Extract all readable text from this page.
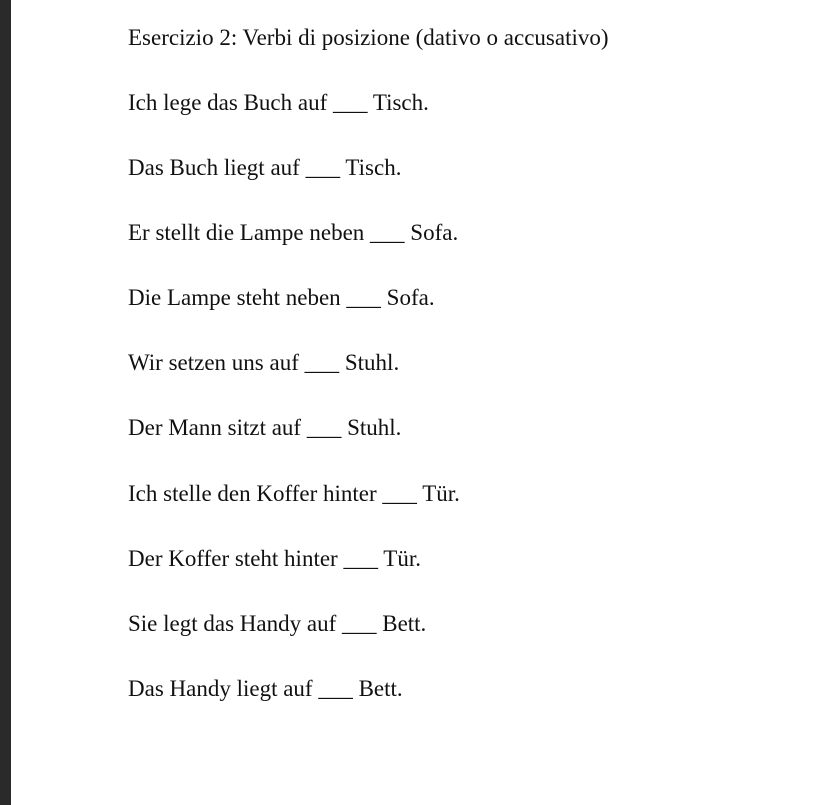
Esercizio 2: Verbi di posizione (dativo o accusativo)
Ich lege das Buch auf ___ Tisch.
Das Buch liegt auf ___ Tisch.
Er stellt die Lampe neben ___ Sofa.
Die Lampe steht neben ___ Sofa.
Wir setzen uns auf ___ Stuhl.
Der Mann sitzt auf ___ Stuhl.
Ich stelle den Koffer hinter ___ Tür.
Der Koffer steht hinter ___ Tür.
Sie legt das Handy auf ___ Bett.
Das Handy liegt auf ___ Bett.
